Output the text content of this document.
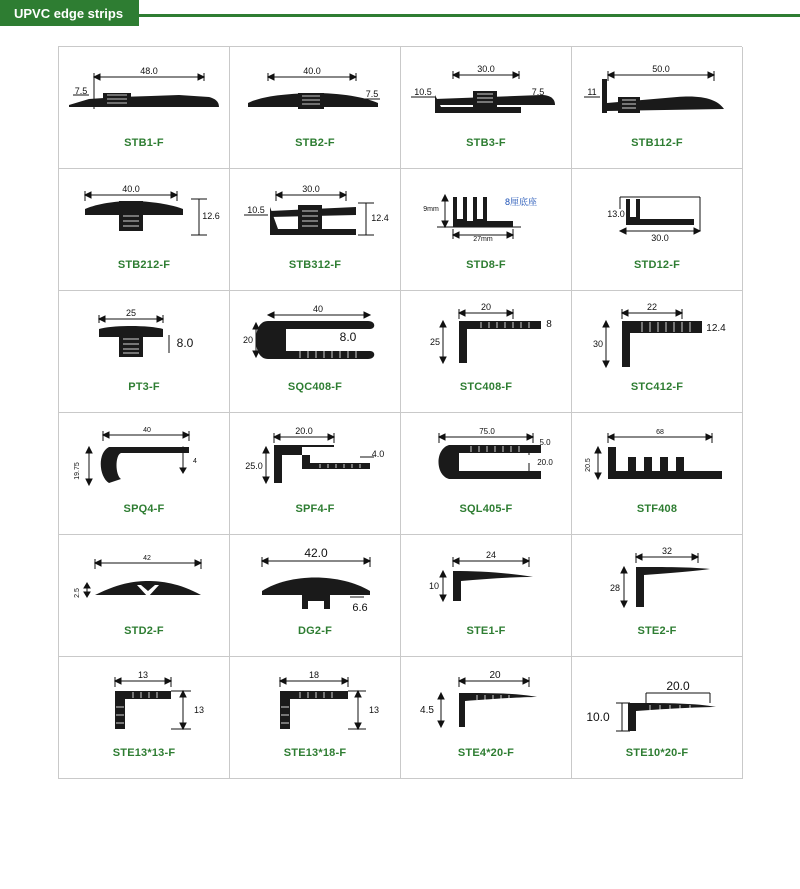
UPVC edge strips
48.0
7.5
STB1-F
40.0
7.5
STB2-F
30.0
10.5	7.5
STB3-F
50.0
11
STB112-F
40.0
12.6
STB212-F
30.0
10.5
12.4
STB312-F
9mm
27mm
8厘底座
STD8-F
13.0
30.0
STD12-F
25
8.0
PT3-F
40
20	8.0
SQC408-F
20
25
8
STC408-F
22
30
12.4
STC412-F
40
19.75
4
SPQ4-F
20.0
25.0
4.0
SPF4-F
75.0
5.0
20.0
SQL405-F
68
20.5
STF408
42
2.5
STD2-F
42.0
6.6
DG2-F
24
10
STE1-F
32
28
STE2-F
13
13
STE13*13-F
18
13
STE13*18-F
20
4.5
STE4*20-F
20.0
10.0
STE10*20-F
